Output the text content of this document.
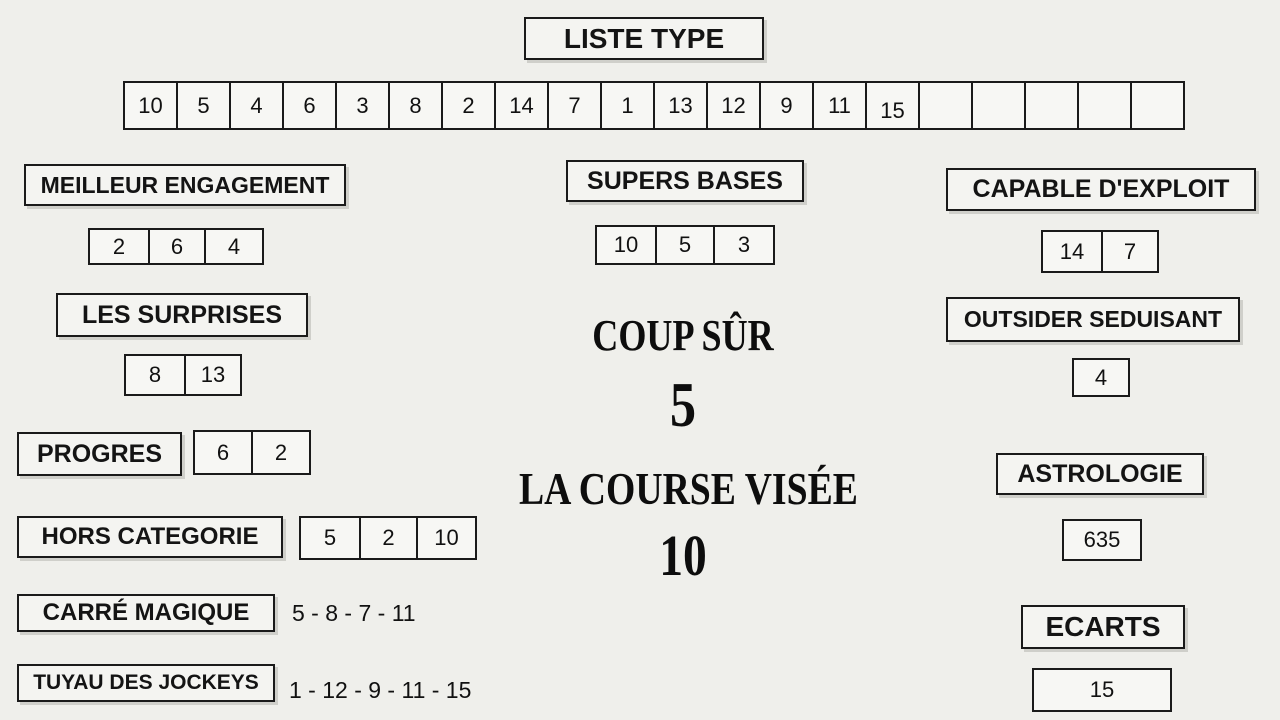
LISTE TYPE
10	5	4	6	3	8	2	14	7	1	13	12	9	11	15
MEILLEUR ENGAGEMENT
2	6	4
LES SURPRISES
8	13
PROGRES	6	2
HORS CATEGORIE	5	2	10
CARRÉ MAGIQUE	5 - 8 - 7 - 11
TUYAU DES JOCKEYS	1 - 12 - 9 - 11 - 15
SUPERS BASES
10	5	3
COUP SÛR
5
LA COURSE VISÉE
10
CAPABLE D'EXPLOIT
14	7
OUTSIDER SEDUISANT
4
ASTROLOGIE
635
ECARTS
15
